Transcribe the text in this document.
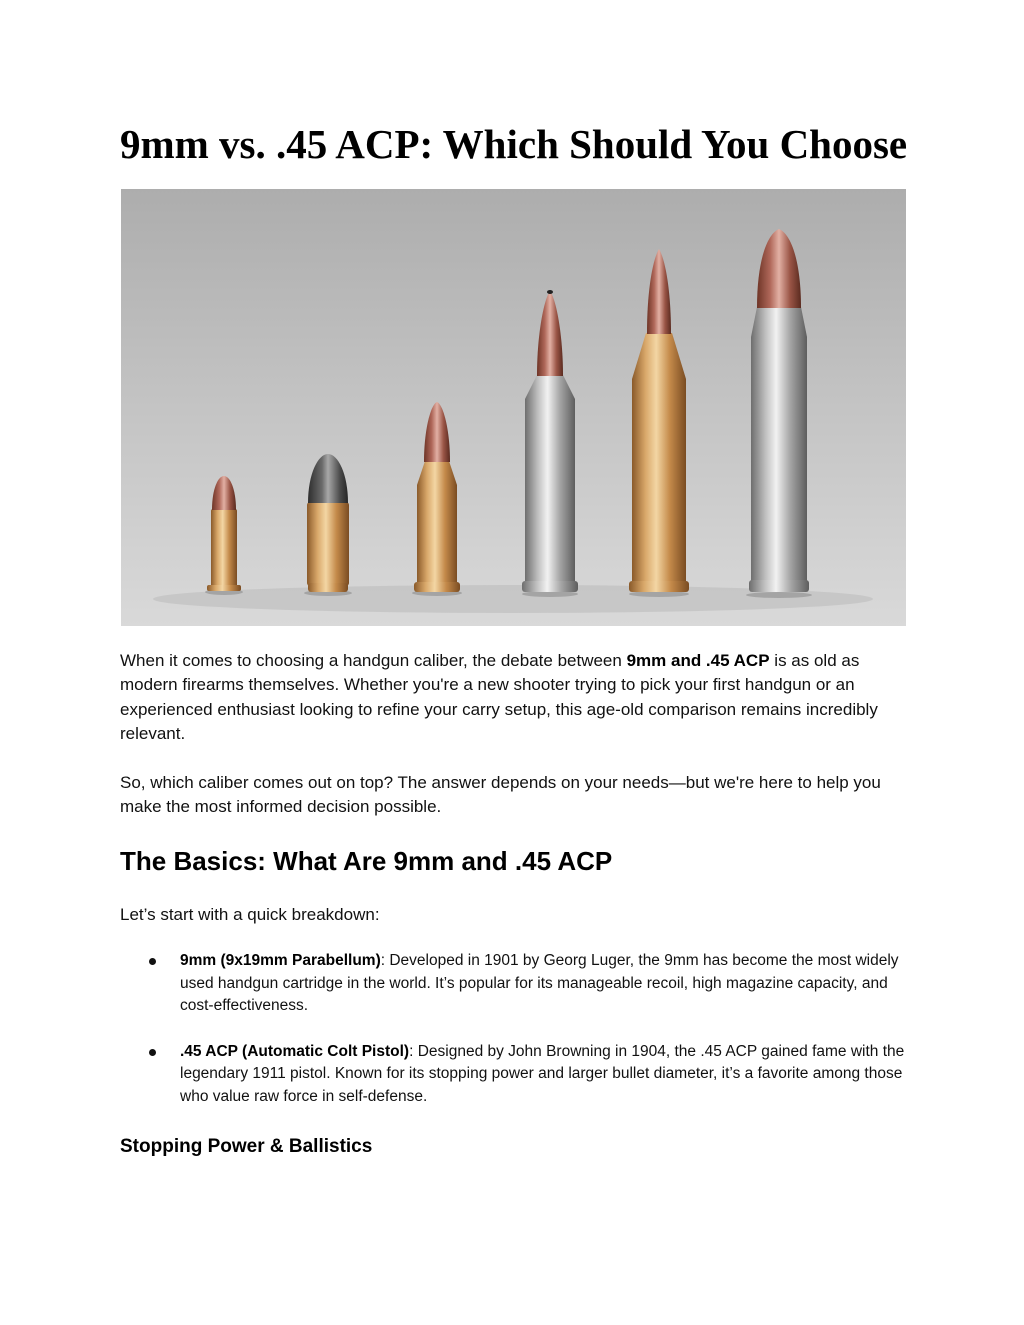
9mm vs. .45 ACP: Which Should You Choose

When it comes to choosing a handgun caliber, the debate between 9mm and .45 ACP is as old as modern firearms themselves. Whether you're a new shooter trying to pick your first handgun or an experienced enthusiast looking to refine your carry setup, this age-old comparison remains incredibly relevant.

So, which caliber comes out on top? The answer depends on your needs—but we're here to help you make the most informed decision possible.

The Basics: What Are 9mm and .45 ACP

Let’s start with a quick breakdown:

9mm (9x19mm Parabellum): Developed in 1901 by Georg Luger, the 9mm has become the most widely used handgun cartridge in the world. It’s popular for its manageable recoil, high magazine capacity, and cost-effectiveness.
.45 ACP (Automatic Colt Pistol): Designed by John Browning in 1904, the .45 ACP gained fame with the legendary 1911 pistol. Known for its stopping power and larger bullet diameter, it’s a favorite among those who value raw force in self-defense.
Stopping Power & Ballistics
